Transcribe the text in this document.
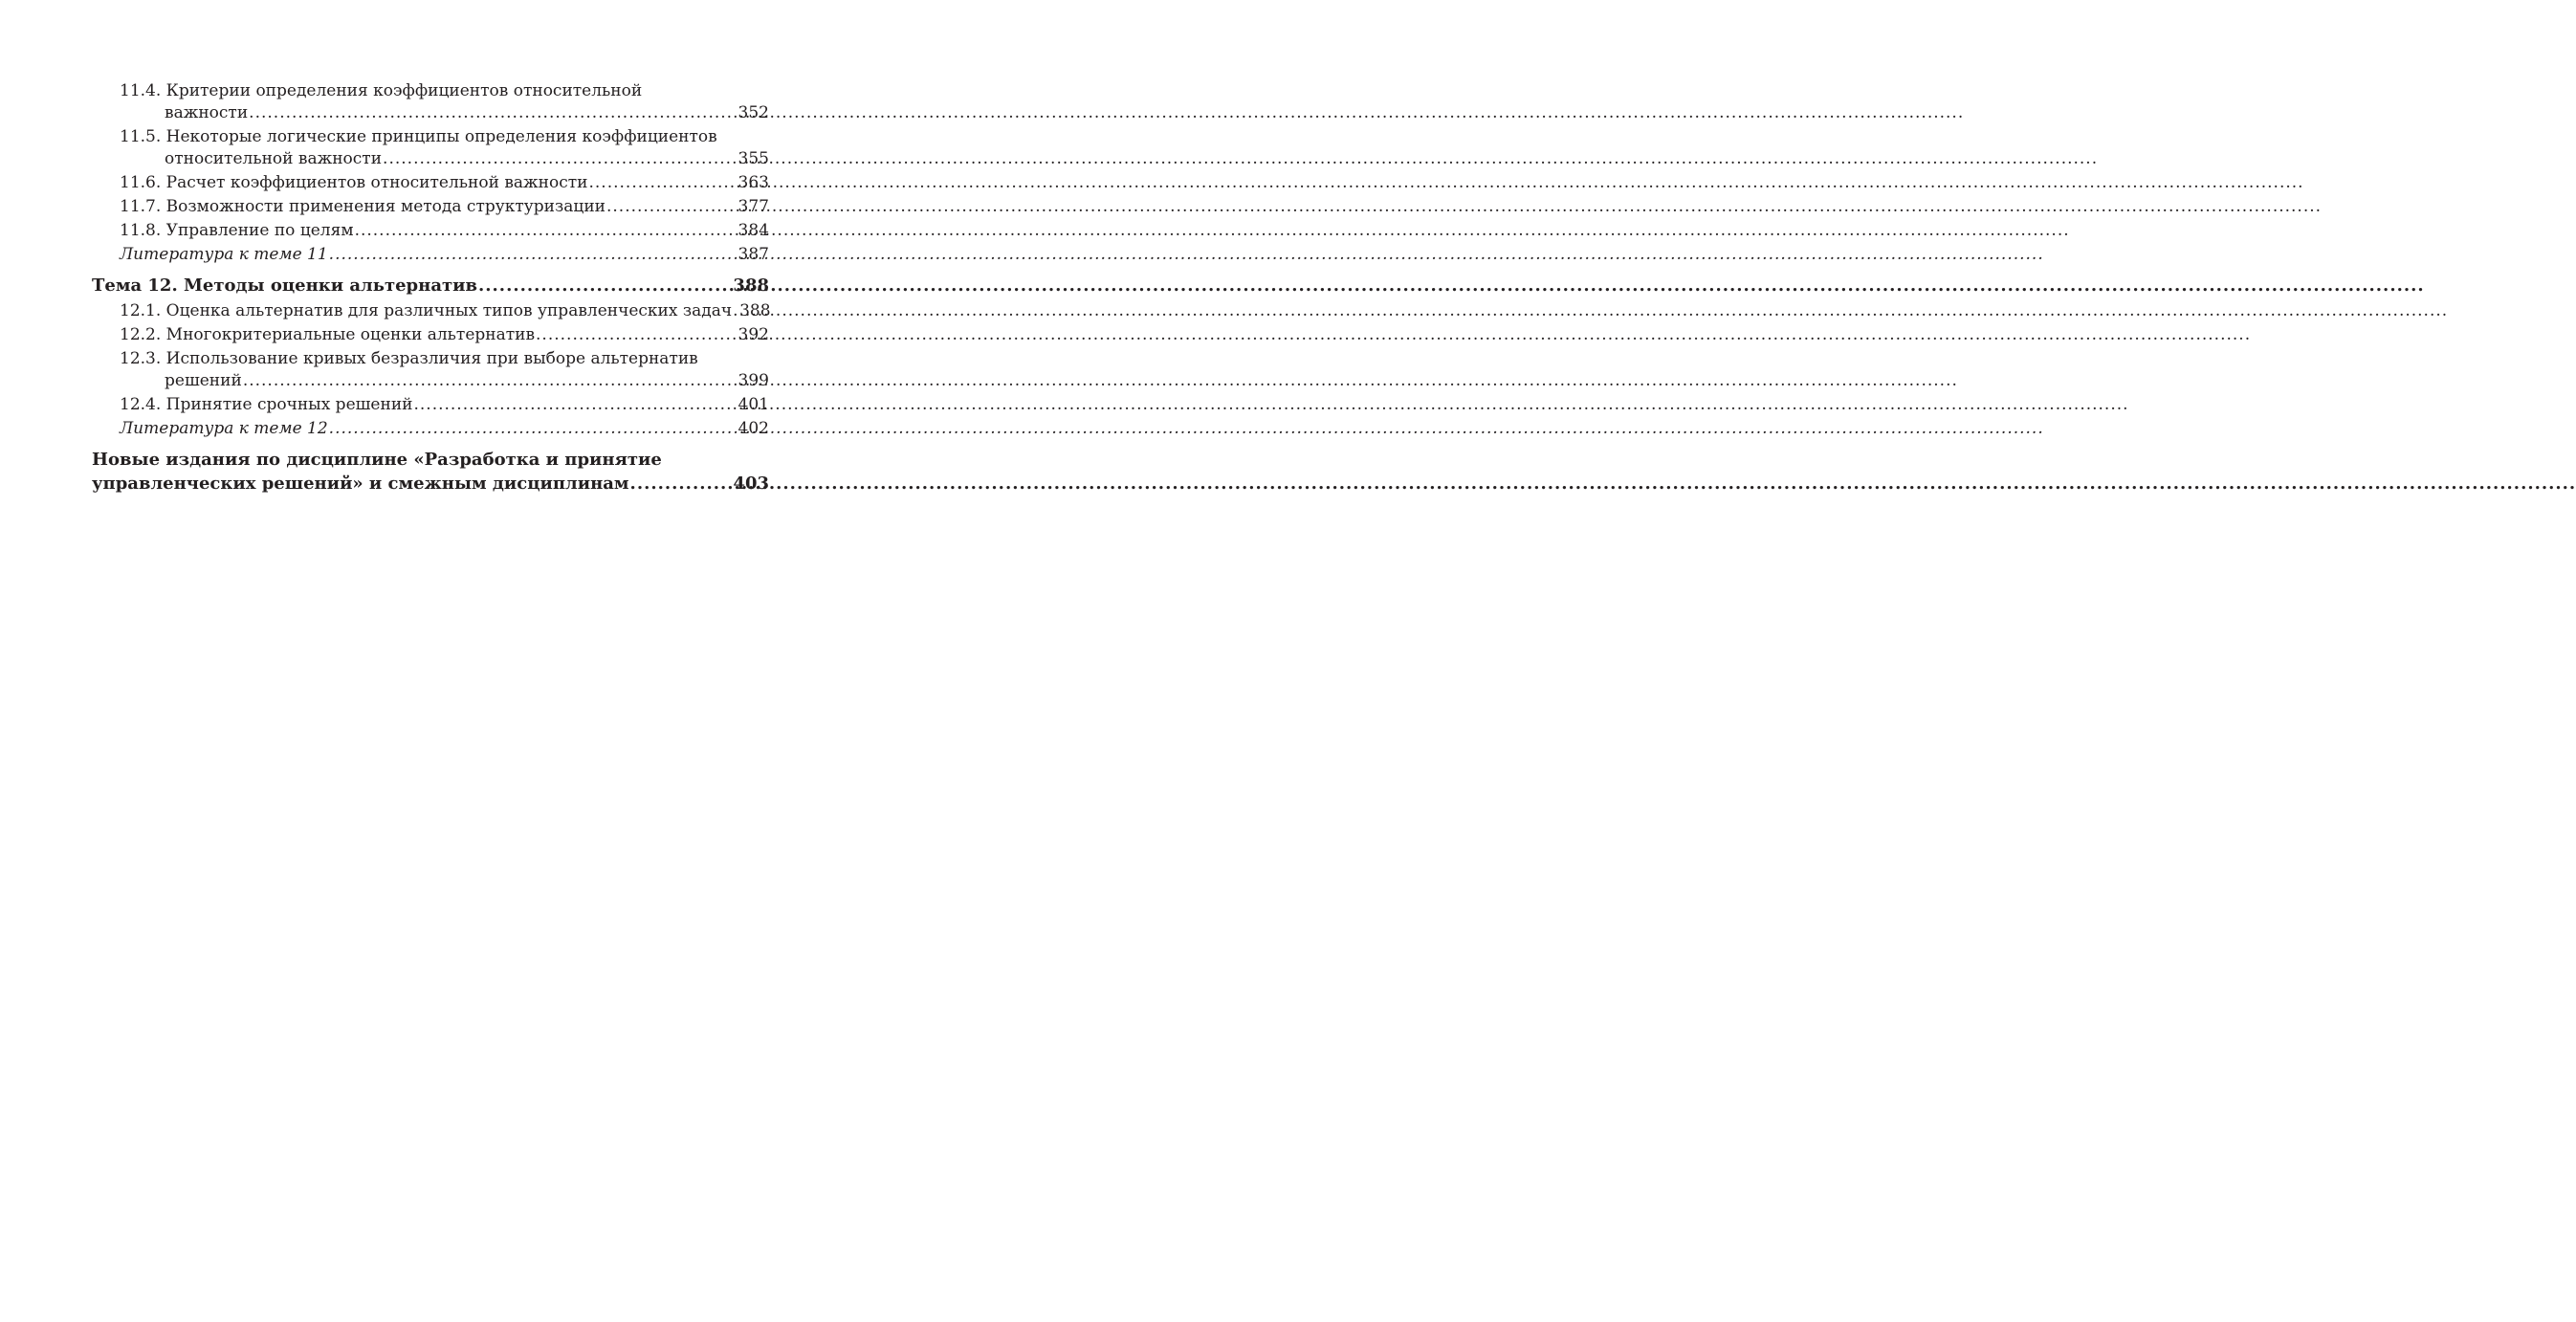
11.4. Критерии определения коэффициентов относительной
важности .....	352
11.5. Некоторые логические принципы определения коэффициентов
относительной важности .....	355
11.6. Расчет коэффициентов относительной важности .....	363
11.7. Возможности применения метода структуризации .....	377
11.8. Управление по целям .....	384
Литература к теме 11 .....	387
Тема 12. Методы оценки альтернатив .....	388
12.1. Оценка альтернатив для различных типов управленческих задач ..... 388
12.2. Многокритериальные оценки альтернатив .....	392
12.3. Использование кривых безразличия при выборе альтернатив
решений .....	399
12.4. Принятие срочных решений .....	401
Литература к теме 12 .....	402
Новые издания по дисциплине «Разработка и принятие
управленческих решений» и смежным дисциплинам .....	403
